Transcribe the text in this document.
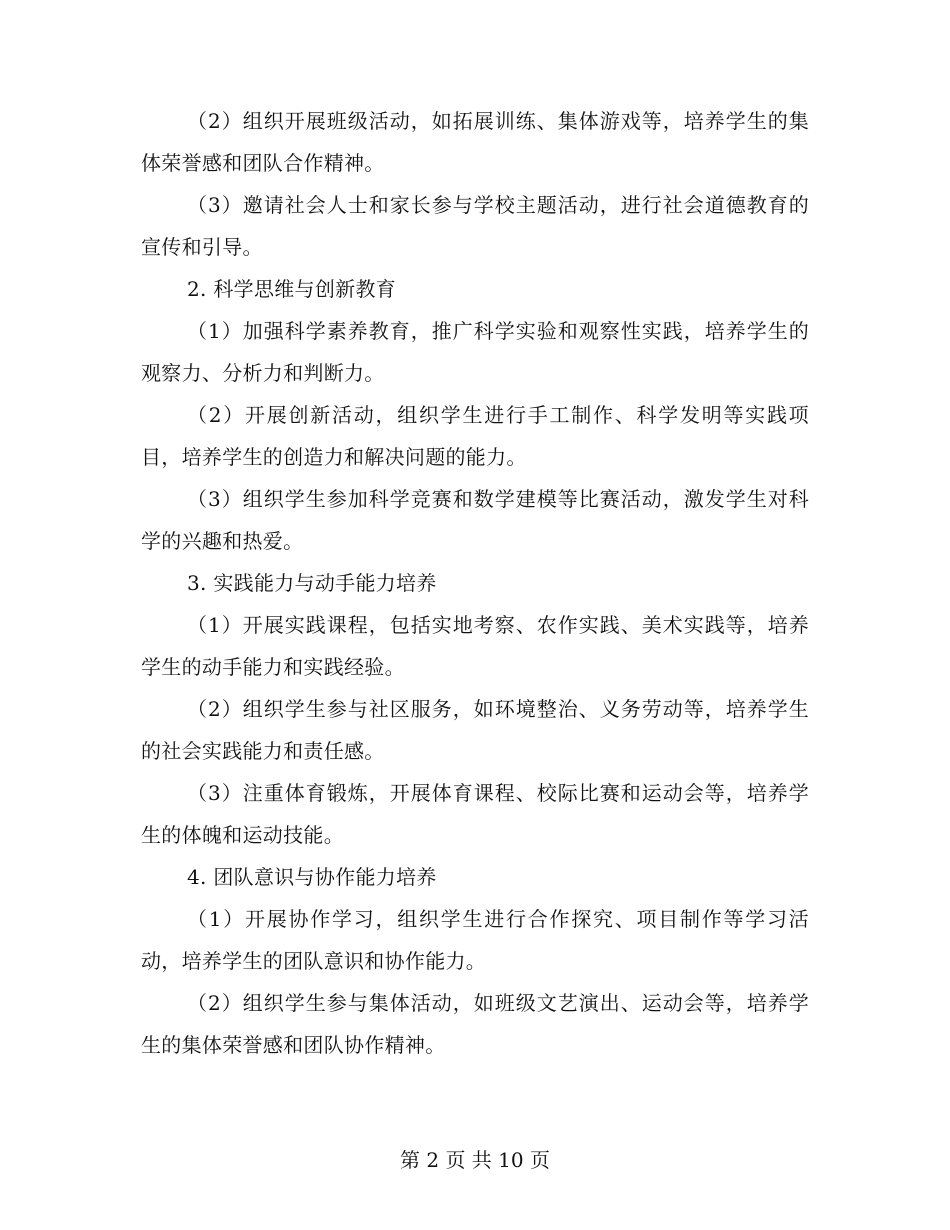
（2）组织开展班级活动，如拓展训练、集体游戏等，培养学生的集体荣誉感和团队合作精神。

（3）邀请社会人士和家长参与学校主题活动，进行社会道德教育的宣传和引导。

2. 科学思维与创新教育

（1）加强科学素养教育，推广科学实验和观察性实践，培养学生的观察力、分析力和判断力。

（2）开展创新活动，组织学生进行手工制作、科学发明等实践项目，培养学生的创造力和解决问题的能力。

（3）组织学生参加科学竞赛和数学建模等比赛活动，激发学生对科学的兴趣和热爱。

3. 实践能力与动手能力培养

（1）开展实践课程，包括实地考察、农作实践、美术实践等，培养学生的动手能力和实践经验。

（2）组织学生参与社区服务，如环境整治、义务劳动等，培养学生的社会实践能力和责任感。

（3）注重体育锻炼，开展体育课程、校际比赛和运动会等，培养学生的体魄和运动技能。

4. 团队意识与协作能力培养

（1）开展协作学习，组织学生进行合作探究、项目制作等学习活动，培养学生的团队意识和协作能力。

（2）组织学生参与集体活动，如班级文艺演出、运动会等，培养学生的集体荣誉感和团队协作精神。

第 2 页 共 10 页
